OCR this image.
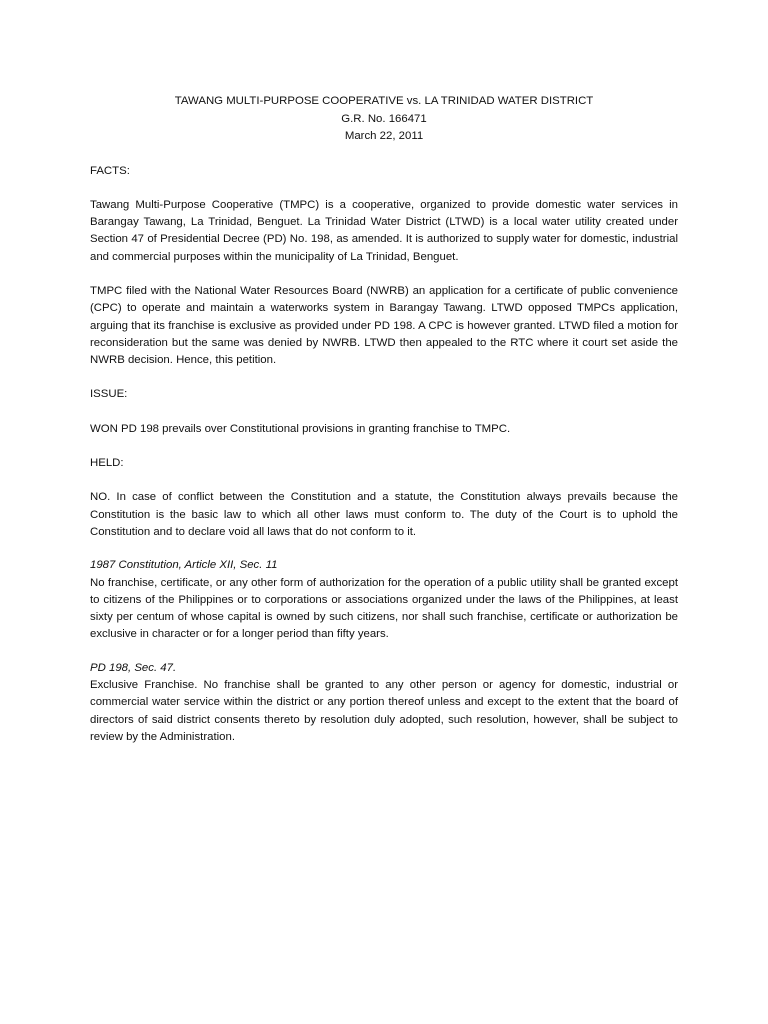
TAWANG MULTI-PURPOSE COOPERATIVE vs. LA TRINIDAD WATER DISTRICT
G.R. No. 166471
March 22, 2011
FACTS:

Tawang Multi-Purpose Cooperative (TMPC) is a cooperative, organized to provide domestic water services in Barangay Tawang, La Trinidad, Benguet. La Trinidad Water District (LTWD) is a local water utility created under Section 47 of Presidential Decree (PD) No. 198, as amended. It is authorized to supply water for domestic, industrial and commercial purposes within the municipality of La Trinidad, Benguet.

TMPC filed with the National Water Resources Board (NWRB) an application for a certificate of public convenience (CPC) to operate and maintain a waterworks system in Barangay Tawang. LTWD opposed TMPCs application, arguing that its franchise is exclusive as provided under PD 198. A CPC is however granted. LTWD filed a motion for reconsideration but the same was denied by NWRB. LTWD then appealed to the RTC where it court set aside the NWRB decision. Hence, this petition.

ISSUE:

WON PD 198 prevails over Constitutional provisions in granting franchise to TMPC.

HELD:

NO. In case of conflict between the Constitution and a statute, the Constitution always prevails because the Constitution is the basic law to which all other laws must conform to. The duty of the Court is to uphold the Constitution and to declare void all laws that do not conform to it.

1987 Constitution, Article XII, Sec. 11

No franchise, certificate, or any other form of authorization for the operation of a public utility shall be granted except to citizens of the Philippines or to corporations or associations organized under the laws of the Philippines, at least sixty per centum of whose capital is owned by such citizens, nor shall such franchise, certificate or authorization be exclusive in character or for a longer period than fifty years.

PD 198, Sec. 47.

Exclusive Franchise. No franchise shall be granted to any other person or agency for domestic, industrial or commercial water service within the district or any portion thereof unless and except to the extent that the board of directors of said district consents thereto by resolution duly adopted, such resolution, however, shall be subject to review by the Administration.
